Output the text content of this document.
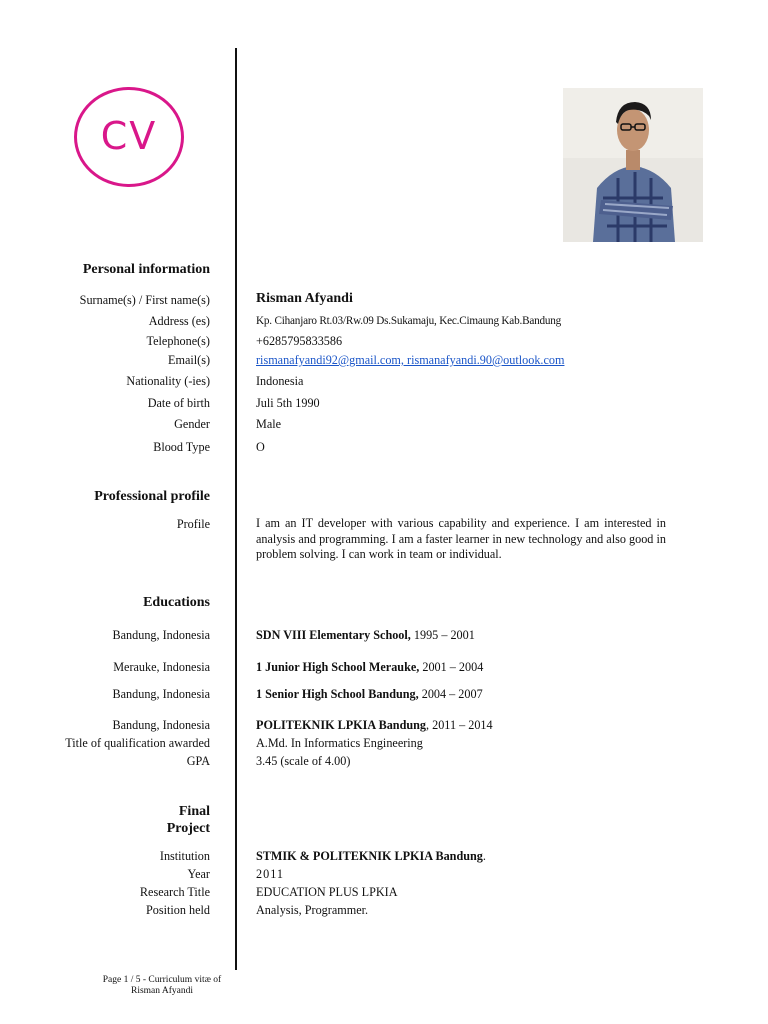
CV
Personal information
Surname(s) / First name(s)	Risman Afyandi
Address (es)	Kp. Cihanjaro Rt.03/Rw.09 Ds.Sukamaju, Kec.Cimaung Kab.Bandung
Telephone(s)	+6285795833586
Email(s)	rismanafyandi92@gmail.com, rismanafyandi.90@outlook.com
Nationality (-ies)	Indonesia
Date of birth	Juli 5th 1990
Gender	Male
Blood Type	O
Professional profile
Profile	I am an IT developer with various capability and experience. I am interested in analysis and programming. I am a faster learner in new technology and also good in problem solving. I can work in team or individual.

Educations
Bandung, Indonesia	SDN VIII Elementary School, 1995 – 2001
Merauke, Indonesia	1 Junior High School Merauke, 2001 – 2004
Bandung, Indonesia	1 Senior High School Bandung, 2004 – 2007
Bandung, Indonesia	POLITEKNIK LPKIA Bandung, 2011 – 2014
Title of qualification awarded	A.Md. In Informatics Engineering
GPA	3.45 (scale of 4.00)
Final
Project
Institution	STMIK & POLITEKNIK LPKIA Bandung.
Year	2011
Research Title	EDUCATION PLUS LPKIA
Position held	Analysis, Programmer.
Page 1 / 5 - Curriculum vitæ of
Risman Afyandi
